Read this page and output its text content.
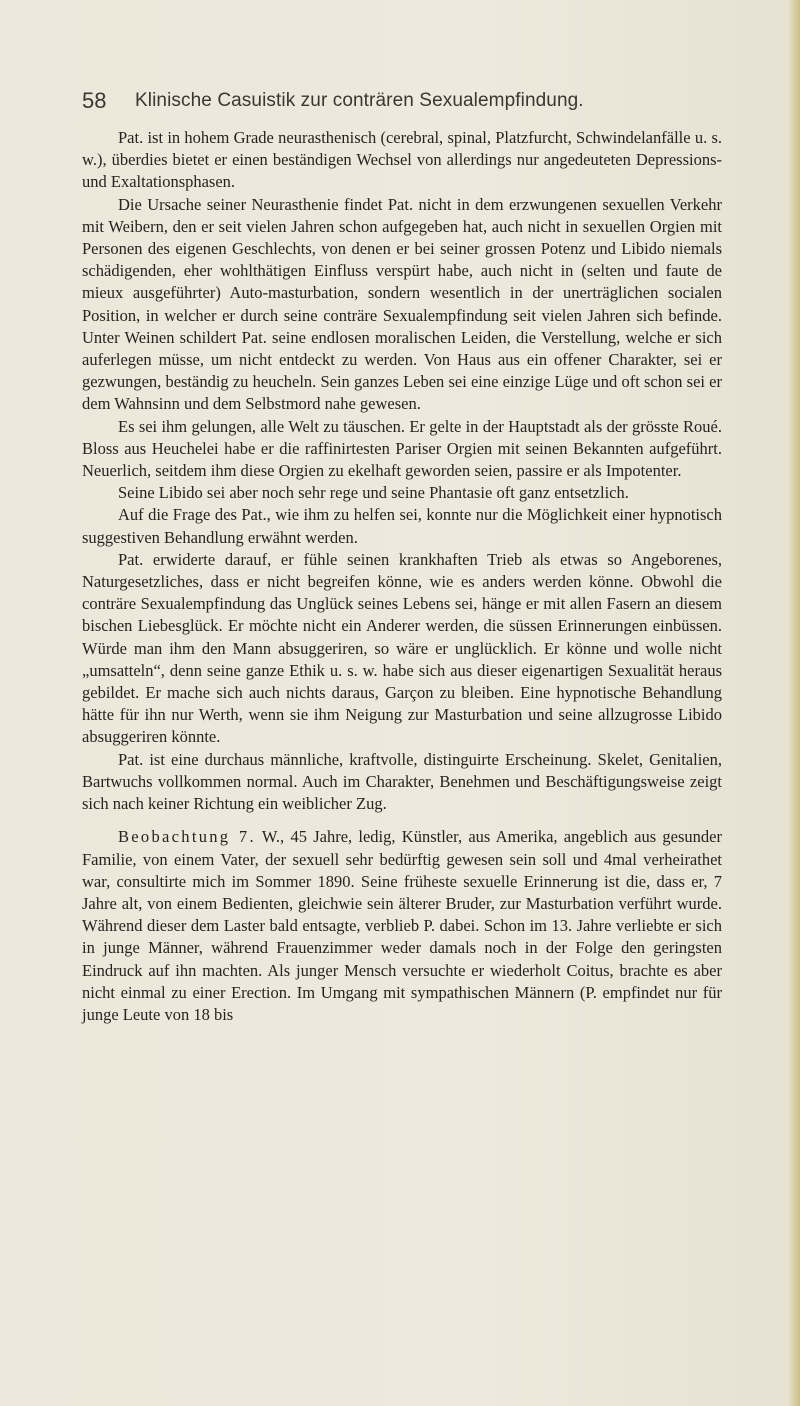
58 Klinische Casuistik zur conträren Sexualempfindung.

Pat. ist in hohem Grade neurasthenisch (cerebral, spinal, Platzfurcht, Schwindelanfälle u. s. w.), überdies bietet er einen beständigen Wechsel von allerdings nur angedeuteten Depressions- und Exaltationsphasen.

Die Ursache seiner Neurasthenie findet Pat. nicht in dem erzwungenen sexuellen Verkehr mit Weibern, den er seit vielen Jahren schon aufgegeben hat, auch nicht in sexuellen Orgien mit Personen des eigenen Geschlechts, von denen er bei seiner grossen Potenz und Libido niemals schädigenden, eher wohlthätigen Einfluss verspürt habe, auch nicht in (selten und faute de mieux ausgeführter) Auto-masturbation, sondern wesentlich in der unerträglichen socialen Position, in welcher er durch seine conträre Sexualempfindung seit vielen Jahren sich befinde. Unter Weinen schildert Pat. seine endlosen moralischen Leiden, die Verstellung, welche er sich auferlegen müsse, um nicht entdeckt zu werden. Von Haus aus ein offener Charakter, sei er gezwungen, beständig zu heucheln. Sein ganzes Leben sei eine einzige Lüge und oft schon sei er dem Wahnsinn und dem Selbstmord nahe gewesen.

Es sei ihm gelungen, alle Welt zu täuschen. Er gelte in der Hauptstadt als der grösste Roué. Bloss aus Heuchelei habe er die raffinirtesten Pariser Orgien mit seinen Bekannten aufgeführt. Neuerlich, seitdem ihm diese Orgien zu ekelhaft geworden seien, passire er als Impotenter.

Seine Libido sei aber noch sehr rege und seine Phantasie oft ganz entsetzlich.

Auf die Frage des Pat., wie ihm zu helfen sei, konnte nur die Möglichkeit einer hypnotisch suggestiven Behandlung erwähnt werden.

Pat. erwiderte darauf, er fühle seinen krankhaften Trieb als etwas so Angeborenes, Naturgesetzliches, dass er nicht begreifen könne, wie es anders werden könne. Obwohl die conträre Sexualempfindung das Unglück seines Lebens sei, hänge er mit allen Fasern an diesem bischen Liebesglück. Er möchte nicht ein Anderer werden, die süssen Erinnerungen einbüssen. Würde man ihm den Mann absuggeriren, so wäre er unglücklich. Er könne und wolle nicht „umsatteln“, denn seine ganze Ethik u. s. w. habe sich aus dieser eigenartigen Sexualität heraus gebildet. Er mache sich auch nichts daraus, Garçon zu bleiben. Eine hypnotische Behandlung hätte für ihn nur Werth, wenn sie ihm Neigung zur Masturbation und seine allzugrosse Libido absuggeriren könnte.

Pat. ist eine durchaus männliche, kraftvolle, distinguirte Erscheinung. Skelet, Genitalien, Bartwuchs vollkommen normal. Auch im Charakter, Benehmen und Beschäftigungsweise zeigt sich nach keiner Richtung ein weiblicher Zug.

Beobachtung 7. W., 45 Jahre, ledig, Künstler, aus Amerika, angeblich aus gesunder Familie, von einem Vater, der sexuell sehr bedürftig gewesen sein soll und 4mal verheirathet war, consultirte mich im Sommer 1890. Seine früheste sexuelle Erinnerung ist die, dass er, 7 Jahre alt, von einem Bedienten, gleichwie sein älterer Bruder, zur Masturbation verführt wurde. Während dieser dem Laster bald entsagte, verblieb P. dabei. Schon im 13. Jahre verliebte er sich in junge Männer, während Frauenzimmer weder damals noch in der Folge den geringsten Eindruck auf ihn machten. Als junger Mensch versuchte er wiederholt Coitus, brachte es aber nicht einmal zu einer Erection. Im Umgang mit sympathischen Männern (P. empfindet nur für junge Leute von 18 bis
